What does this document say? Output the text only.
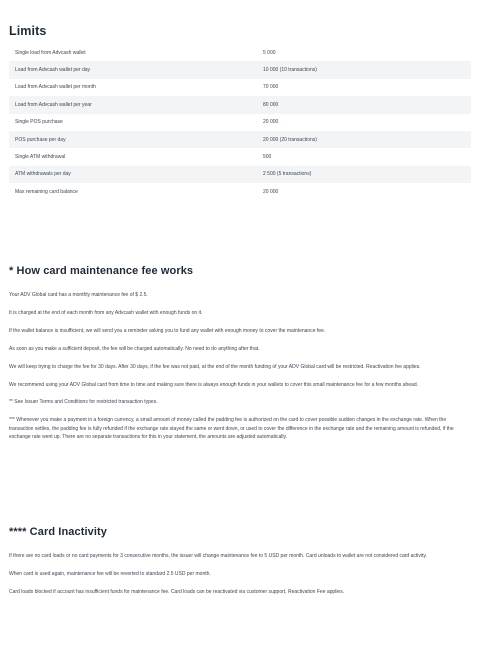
Limits
Single load from Advcash wallet	5 000
Load from Advcash wallet per day	10 000 (10 transactions)
Load from Advcash wallet per month	70 000
Load from Advcash wallet per year	80 000
Single POS purchase	20 000
POS purchase per day	20 000 (20 transactions)
Single ATM withdrawal	500
ATM withdrawals per day	2 500 (5 transactions)
Max remaining card balance	20 000
* How card maintenance fee works

Your ADV Global card has a monthly maintenance fee of $ 2.5.

It is charged at the end of each month from any Advcash wallet with enough funds on it.

If the wallet balance is insufficient, we will send you a reminder asking you to fund any wallet with enough money to cover the maintenance fee.

As soon as you make a sufficient deposit, the fee will be charged automatically. No need to do anything after that.

We will keep trying to charge the fee for 30 days. After 30 days, if the fee was not paid, at the end of the month funding of your ADV Global card will be restricted. Reactivation fee applies.

We recommend using your ADV Global card from time to time and making sure there is always enough funds in your wallets to cover this small maintenance fee for a few months ahead.

** See Issuer Terms and Conditions for restricted transaction types.

*** Whenever you make a payment in a foreign currency, a small amount of money called the padding fee is authorized on the card to cover possible sudden changes in the exchange rate. When the transaction settles, the padding fee is fully refunded if the exchange rate stayed the same or went down, or used to cover the difference in the exchange rate and the remaining amount is refunded, if the exchange rate went up. There are no separate transactions for this in your statement, the amounts are adjusted automatically.

**** Card Inactivity

If there are no card loads or no card payments for 3 consecutive months, the issuer will change maintenance fee to 5 USD per month. Card unloads to wallet are not considered card activity.

When card is used again, maintenance fee will be reverted to standard 2.5 USD per month.

Card loads blocked if account has insufficient funds for maintenance fee. Card loads can be reactivated via customer support, Reactivation Fee applies.
